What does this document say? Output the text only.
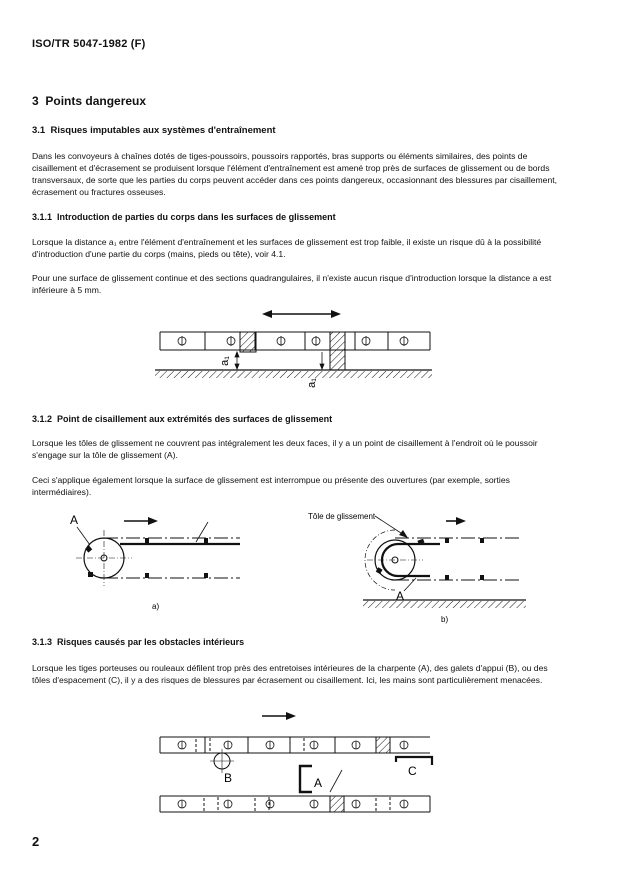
ISO/TR 5047-1982 (F)
3 Points dangereux
3.1 Risques imputables aux systèmes d'entraînement
Dans les convoyeurs à chaînes dotés de tiges-poussoirs, poussoirs rapportés, bras supports ou éléments similaires, des points de cisaillement et d'écrasement se produisent lorsque l'élément d'entraînement est amené trop près de surfaces de glissement ou de bords transversaux, de sorte que les parties du corps peuvent accéder dans ces points dangereux, occasionnant des blessures par cisaillement, écrasement ou fractures osseuses.
3.1.1 Introduction de parties du corps dans les surfaces de glissement
Lorsque la distance a₁ entre l'élément d'entraînement et les surfaces de glissement est trop faible, il existe un risque dû à la possibilité d'introduction d'une partie du corps (mains, pieds ou tête), voir 4.1.
Pour une surface de glissement continue et des sections quadrangulaires, il n'existe aucun risque d'introduction lorsque la distance a est inférieure à 5 mm.
a₁
a₁
3.1.2 Point de cisaillement aux extrémités des surfaces de glissement
Lorsque les tôles de glissement ne couvrent pas intégralement les deux faces, il y a un point de cisaillement à l'endroit où le poussoir s'engage sur la tôle de glissement (A).
Ceci s'applique également lorsque la surface de glissement est interrompue ou présente des ouvertures (par exemple, sorties intermédiaires).
A
a)
Tôle de glissement
A
b)
3.1.3 Risques causés par les obstacles intérieurs
Lorsque les tiges porteuses ou rouleaux défilent trop près des entretoises intérieures de la charpente (A), des galets d'appui (B), ou des tôles d'espacement (C), il y a des risques de blessures par écrasement ou cisaillement. Ici, les mains sont particulièrement menacées.
B	C
A
2
